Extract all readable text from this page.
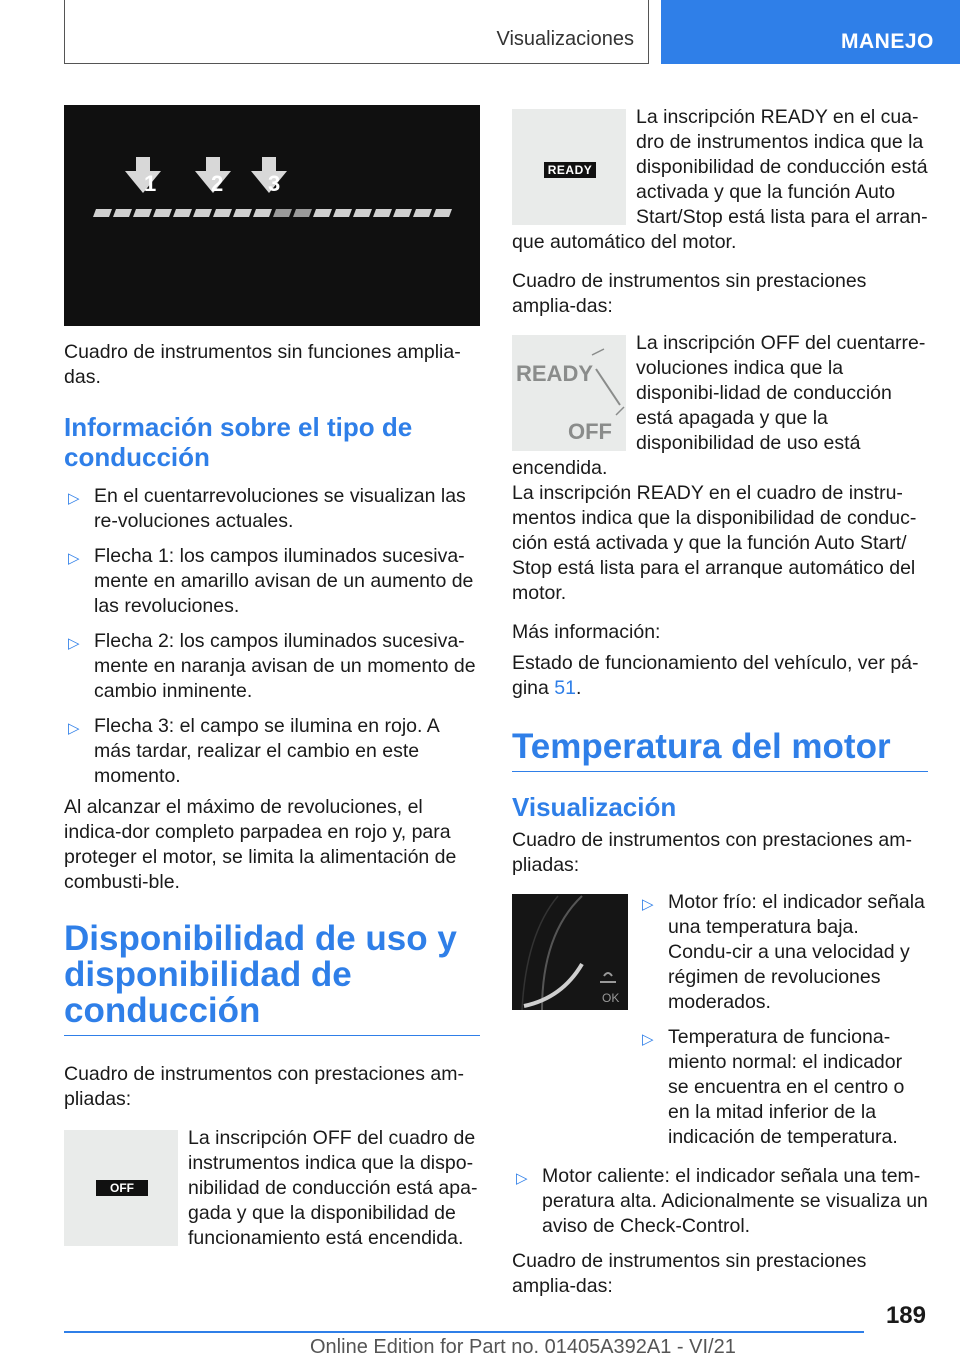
Visualizaciones	MANEJO
1 2 3

Cuadro de instrumentos sin funciones amplia-das.

Información sobre el tipo de conducción
▷ En el cuentarrevoluciones se visualizan las re-voluciones actuales.
▷ Flecha 1: los campos iluminados sucesiva-mente en amarillo avisan de un aumento de las revoluciones.
▷ Flecha 2: los campos iluminados sucesiva-mente en naranja avisan de un momento de cambio inminente.
▷ Flecha 3: el campo se ilumina en rojo. A más tardar, realizar el cambio en este momento.

Al alcanzar el máximo de revoluciones, el indica-dor completo parpadea en rojo y, para proteger el motor, se limita la alimentación de combusti-ble.

Disponibilidad de uso y disponibilidad de conducción

Cuadro de instrumentos con prestaciones am-pliadas:

OFF

La inscripción OFF del cuadro de instrumentos indica que la dispo-nibilidad de conducción está apa-gada y que la disponibilidad de funcionamiento está encendida.

READY

La inscripción READY en el cua-dro de instrumentos indica que la disponibilidad de conducción está activada y que la función Auto Start/Stop está lista para el arran-que automático del motor.

Cuadro de instrumentos sin prestaciones amplia-das:

READY
OFF

La inscripción OFF del cuentarre-voluciones indica que la disponibi-lidad de conducción está apagada y que la disponibilidad de uso está encendida.

La inscripción READY en el cuadro de instru-mentos indica que la disponibilidad de conduc-ción está activada y que la función Auto Start/ Stop está lista para el arranque automático del motor.

Más información:

Estado de funcionamiento del vehículo, ver pá-gina 51.

Temperatura del motor
Visualización

Cuadro de instrumentos con prestaciones am-pliadas:

OK
▷ Motor frío: el indicador señala una temperatura baja. Condu-cir a una velocidad y régimen de revoluciones moderados.
▷ Temperatura de funciona-miento normal: el indicador se encuentra en el centro o en la mitad inferior de la indicación de temperatura.
▷ Motor caliente: el indicador señala una tem-peratura alta. Adicionalmente se visualiza un aviso de Check-Control.

Cuadro de instrumentos sin prestaciones amplia-das:

189
Online Edition for Part no. 01405A392A1 - VI/21
